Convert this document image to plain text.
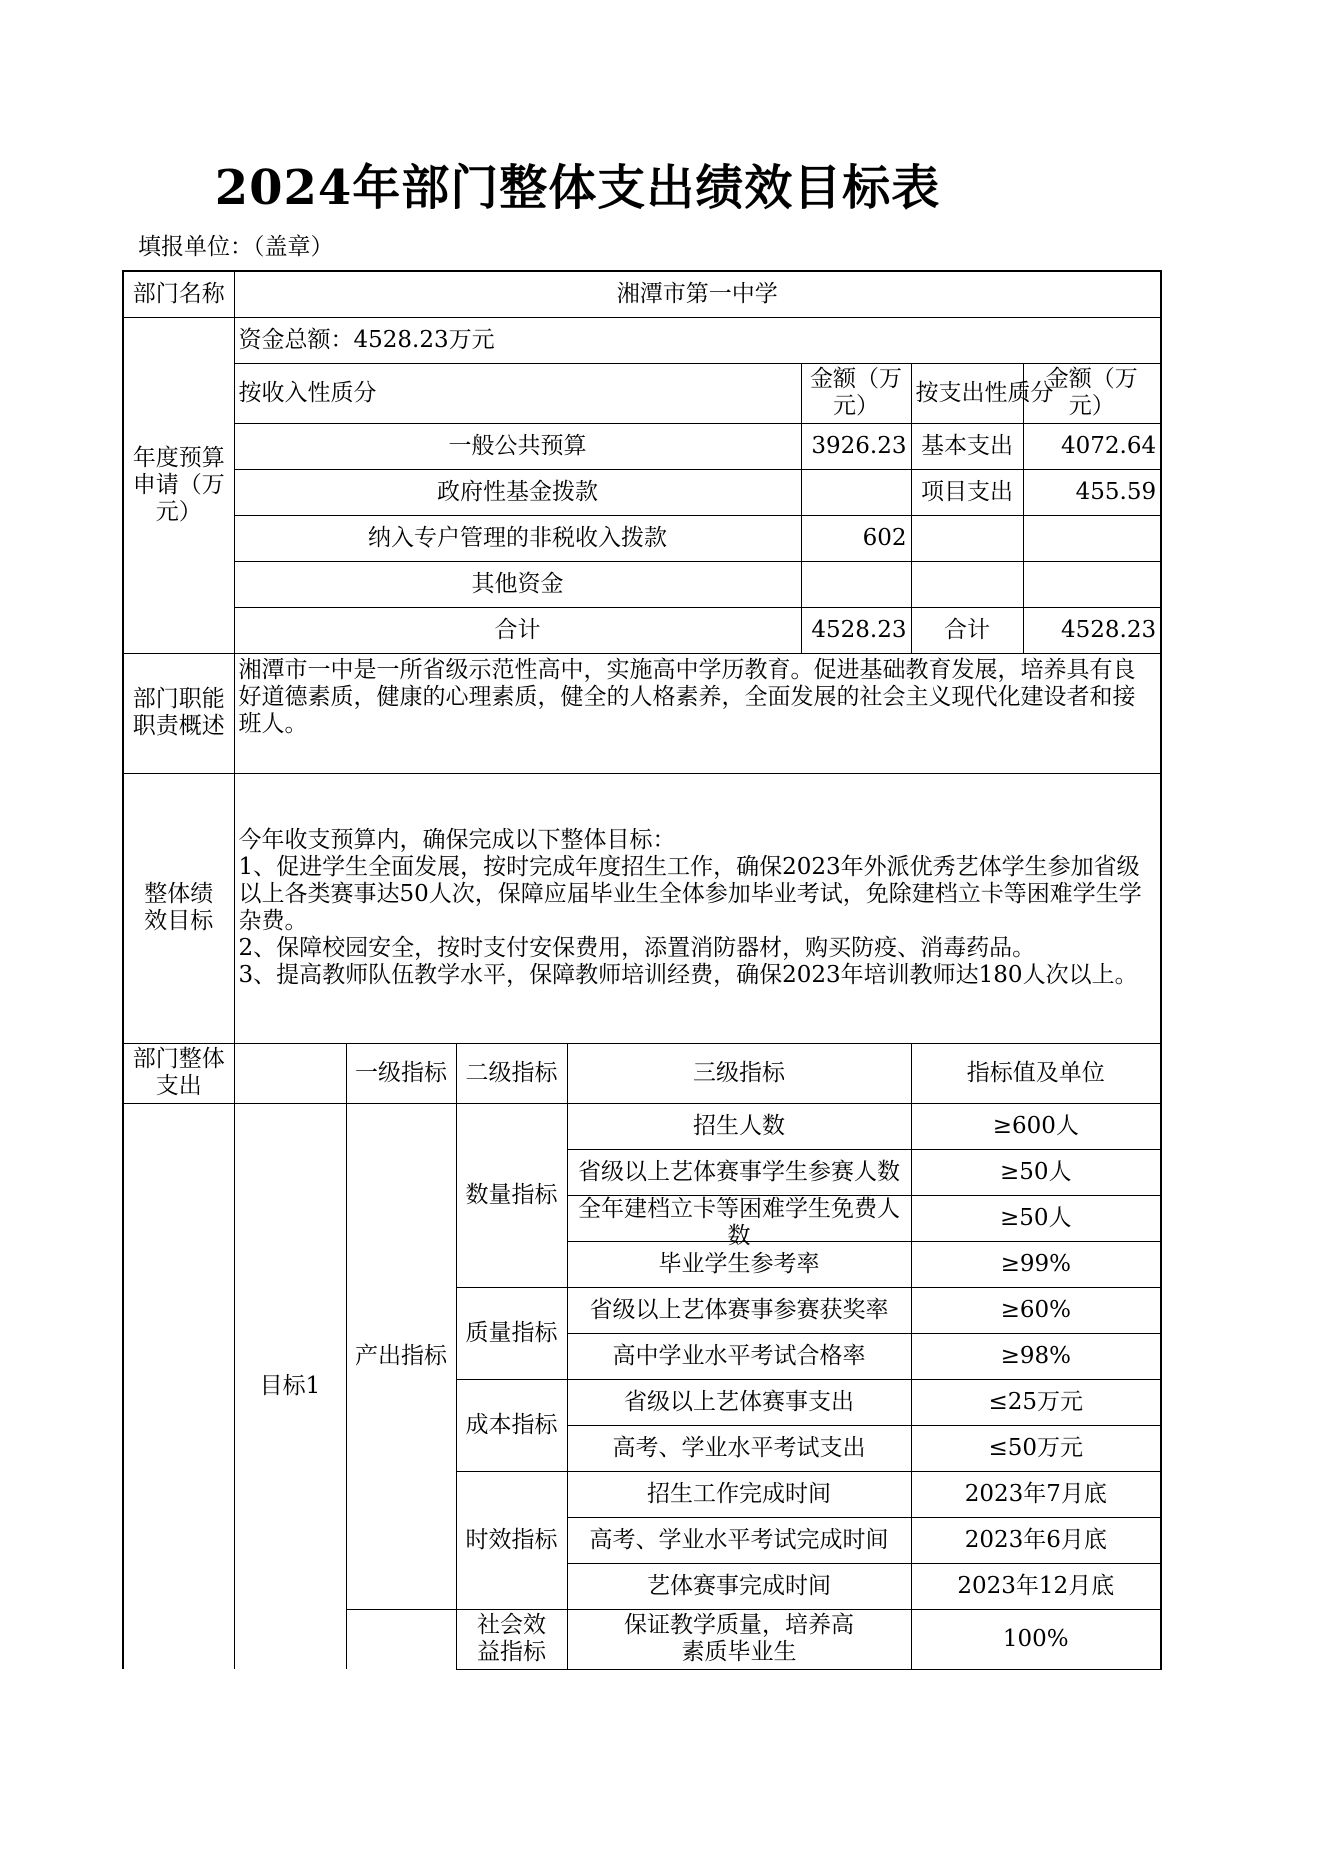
2024年部门整体支出绩效目标表
填报单位：（盖章）
部门名称	湘潭市第一中学						

年度预算申请（万元）	资金总额：4528.23万元						
	按收入性质分				金额（万元）	按支出性质分	金额（万元）

	一般公共预算				3926.23	基本支出	4072.64
	政府性基金拨款					项目支出	455.59
	纳入专户管理的非税收入拨款				602		
	其他资金						
	合计				4528.23	合计	4528.23

部门职能职责概述	湘潭市一中是一所省级示范性高中，实施高中学历教育。促进基础教育发展，培养具有良好道德素质，健康的心理素质，健全的人格素养，全面发展的社会主义现代化建设者和接班人。						

整体绩效目标	今年收支预算内，确保完成以下整体目标：
1、促进学生全面发展，按时完成年度招生工作，确保2023年外派优秀艺体学生参加省级以上各类赛事达50人次，保障应届毕业生全体参加毕业考试，免除建档立卡等困难学生学杂费。
2、保障校园安全，按时支付安保费用，添置消防器材，购买防疫、消毒药品。
3、提高教师队伍教学水平，保障教师培训经费，确保2023年培训教师达180人次以上。						

部门整体支出		一级指标	二级指标	三级指标		指标值及单位	

	目标1	产出指标	数量指标	招生人数		≥600人	
				省级以上艺体赛事学生参赛人数		≥50人	

				全年建档立卡等困难学生免费人数		≥50人	
				毕业学生参考率		≥99%	
			质量指标	省级以上艺体赛事参赛获奖率		≥60%	
				高中学业水平考试合格率		≥98%	
			成本指标	省级以上艺体赛事支出		≤25万元	
				高考、学业水平考试支出		≤50万元	
			时效指标	招生工作完成时间		2023年7月底	
				高考、学业水平考试完成时间		2023年6月底	
				艺体赛事完成时间		2023年12月底	

			社会效益指标	保证教学质量，培养高素质毕业生		100%	
